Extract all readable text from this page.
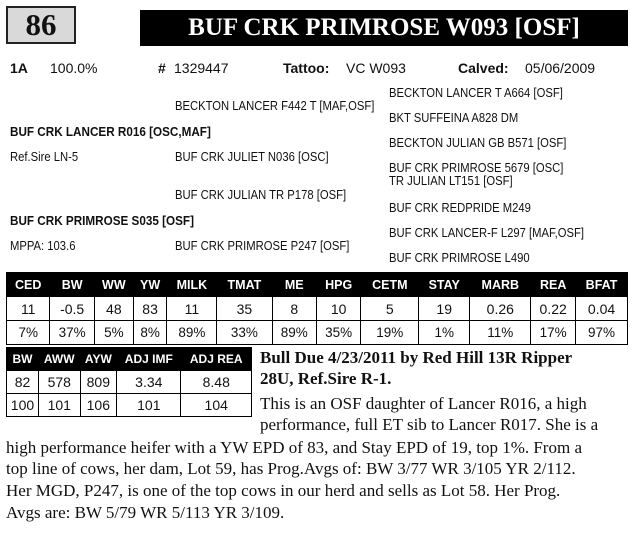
86	BUF CRK PRIMROSE W093 [OSF]
1A 100.0%	# 1329447	Tattoo: VC W093	Calved: 05/06/2009
BECKTON LANCER T A664 [OSF]
BECKTON LANCER F442 T [MAF,OSF]
BKT SUFFEINA A828 DM
BUF CRK LANCER R016 [OSC,MAF]
BECKTON JULIAN GB B571 [OSF]
Ref.Sire LN-5	BUF CRK JULIET N036 [OSC]
BUF CRK PRIMROSE 5679 [OSC]
TR JULIAN LT151 [OSF]
BUF CRK JULIAN TR P178 [OSF]
BUF CRK REDPRIDE M249
BUF CRK PRIMROSE S035 [OSF]
BUF CRK LANCER-F L297 [MAF,OSF]
MPPA: 103.6	BUF CRK PRIMROSE P247 [OSF]
BUF CRK PRIMROSE L490
CED	BW	WW	YW	MILK	TMAT	ME	HPG	CETM	STAY	MARB	REA	BFAT
11	-0.5	48	83	11	35	8	10	5	19	0.26	0.22	0.04
7%	37%	5%	8%	89%	33%	89%	35%	19%	1%	11%	17%	97%
BW	AWW	AYW	ADJ IMF	ADJ REA
82	578	809	3.34	8.48
100	101	106	101	104
Bull Due 4/23/2011 by Red Hill 13R Ripper
28U, Ref.Sire R-1.
This is an OSF daughter of Lancer R016, a high
performance, full ET sib to Lancer R017. She is a
high performance heifer with a YW EPD of 83, and Stay EPD of 19, top 1%. From a
top line of cows, her dam, Lot 59, has Prog.Avgs of: BW 3/77 WR 3/105 YR 2/112.
Her MGD, P247, is one of the top cows in our herd and sells as Lot 58. Her Prog.
Avgs are: BW 5/79 WR 5/113 YR 3/109.
